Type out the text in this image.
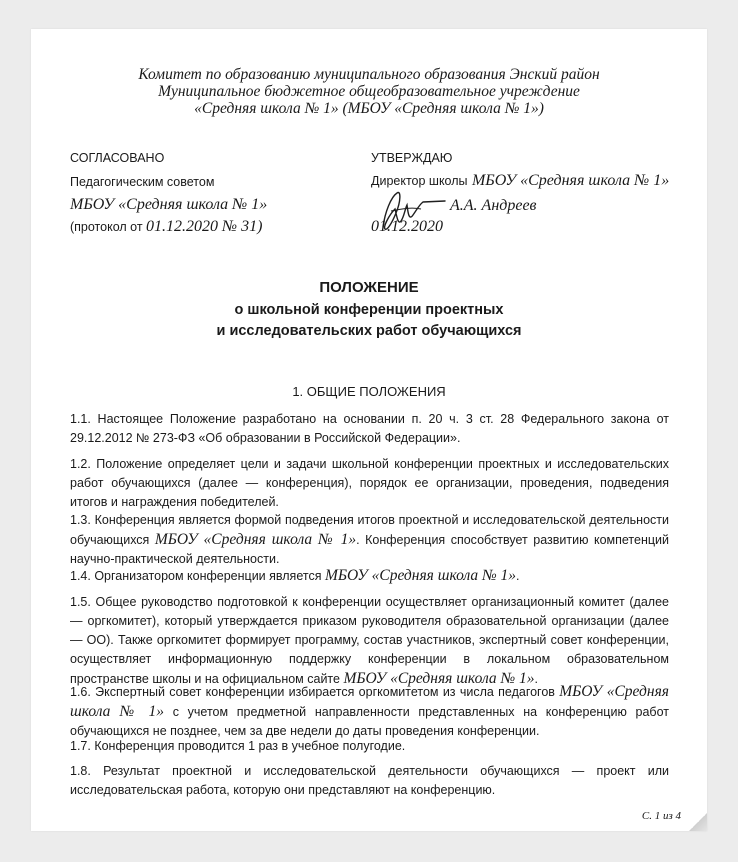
Комитет по образованию муниципального образования Энский район
Муниципальное бюджетное общеобразовательное учреждение
«Средняя школа № 1» (МБОУ «Средняя школа № 1»)
СОГЛАСОВАНО
Педагогическим советом
МБОУ «Средняя школа № 1»
(протокол от 01.12.2020 № 31)
УТВЕРЖДАЮ
Директор школы МБОУ «Средняя школа № 1»
А.А. Андреев
01.12.2020
ПОЛОЖЕНИЕ
о школьной конференции проектных
и исследовательских работ обучающихся
1. ОБЩИЕ ПОЛОЖЕНИЯ
1.1. Настоящее Положение разработано на основании п. 20 ч. 3 ст. 28 Федерального закона от 29.12.2012 № 273-ФЗ «Об образовании в Российской Федерации».
1.2. Положение определяет цели и задачи школьной конференции проектных и исследовательских работ обучающихся (далее — конференция), порядок ее организации, проведения, подведения итогов и награждения победителей.
1.3. Конференция является формой подведения итогов проектной и исследовательской деятельности обучающихся МБОУ «Средняя школа № 1». Конференция способствует развитию компетенций научно-практической деятельности.
1.4. Организатором конференции является МБОУ «Средняя школа № 1».
1.5. Общее руководство подготовкой к конференции осуществляет организационный комитет (далее — оргкомитет), который утверждается приказом руководителя образовательной организации (далее — ОО). Также оргкомитет формирует программу, состав участников, экспертный совет конференции, осуществляет информационную поддержку конференции в локальном образовательном пространстве школы и на официальном сайте МБОУ «Средняя школа № 1».
1.6. Экспертный совет конференции избирается оргкомитетом из числа педагогов МБОУ «Средняя школа № 1» с учетом предметной направленности представленных на конференцию работ обучающихся не позднее, чем за две недели до даты проведения конференции.
1.7. Конференция проводится 1 раз в учебное полугодие.
1.8. Результат проектной и исследовательской деятельности обучающихся — проект или исследовательская работа, которую они представляют на конференцию.
С. 1 из 4
